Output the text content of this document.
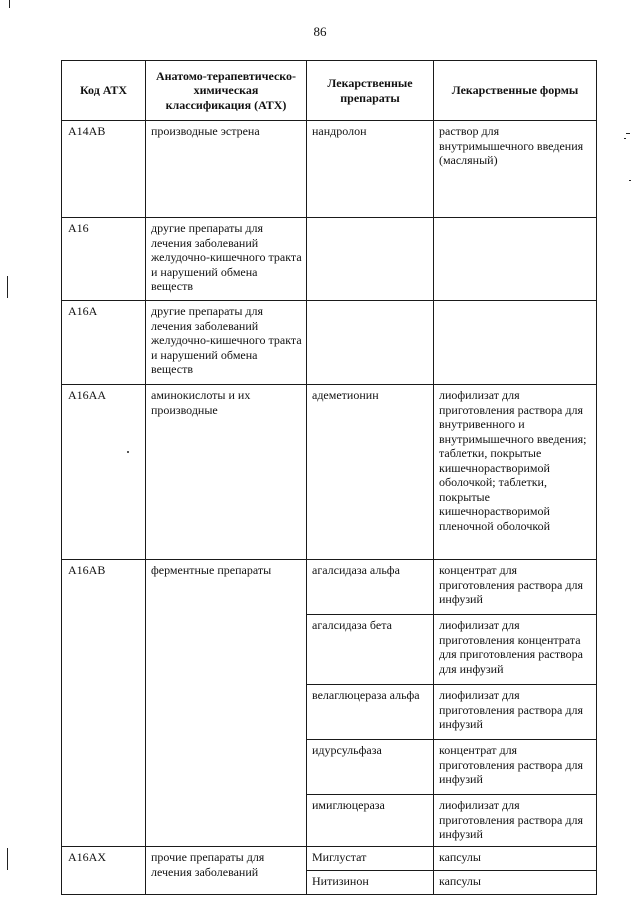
86
Код АТХ	Анатомо-терапевтическо-химическая классификация (АТХ)	Лекарственные препараты	Лекарственные формы
A14AB	производные эстрена	нандролон	раствор для внутримышечного введения (масляный)
A16	другие препараты для лечения заболеваний желудочно-кишечного тракта и нарушений обмена веществ		
A16A	другие препараты для лечения заболеваний желудочно-кишечного тракта и нарушений обмена веществ		
A16AA	аминокислоты и их производные	адеметионин	лиофилизат для приготовления раствора для внутривенного и внутримышечного введения; таблетки, покрытые кишечнорастворимой оболочкой; таблетки, покрытые кишечнорастворимой пленочной оболочкой
A16AB	ферментные препараты	агалсидаза альфа	концентрат для приготовления раствора для инфузий
		агалсидаза бета	лиофилизат для приготовления концентрата для приготовления раствора для инфузий
		велаглюцераза альфа	лиофилизат для приготовления раствора для инфузий
		идурсульфаза	концентрат для приготовления раствора для инфузий
		имиглюцераза	лиофилизат для приготовления раствора для инфузий
A16AX	прочие препараты для лечения заболеваний	Миглустат	капсулы
		Нитизинон	капсулы
